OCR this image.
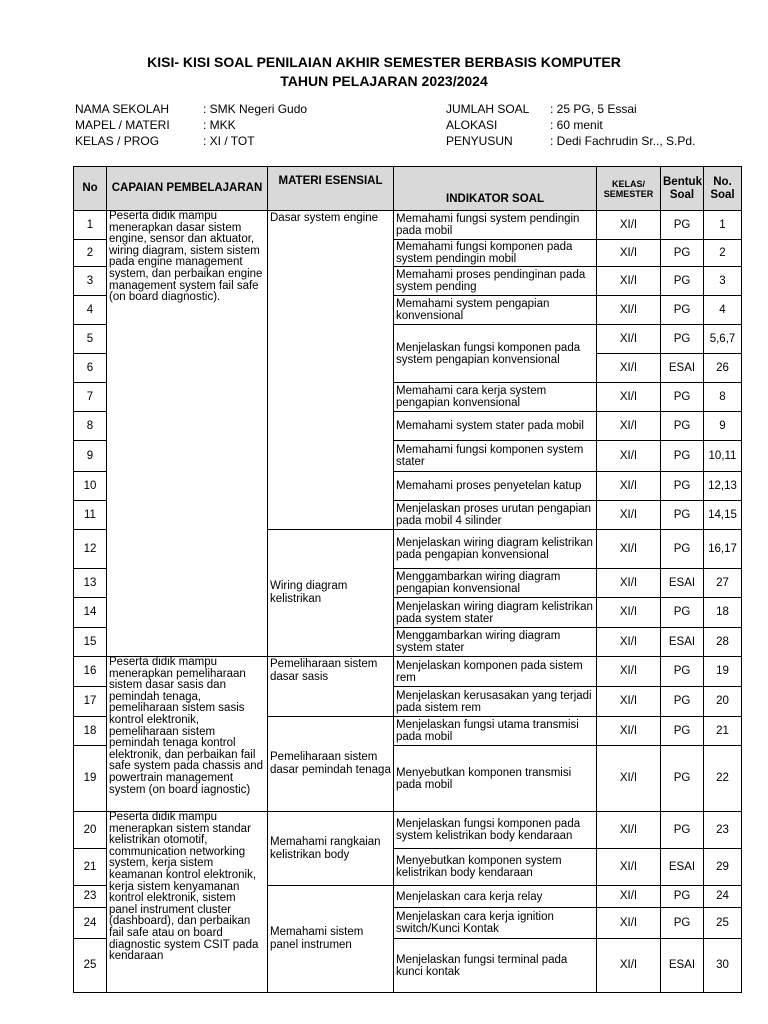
KISI- KISI SOAL PENILAIAN AKHIR SEMESTER BERBASIS KOMPUTER
TAHUN PELAJARAN 2023/2024
NAMA SEKOLAH	: SMK Negeri Gudo
MAPEL / MATERI	: MKK
KELAS / PROG	: XI / TOT
JUMLAH SOAL : 25 PG, 5 Essai
ALOKASI	: 60 menit
PENYUSUN	: Dedi Fachrudin Sr.., S.Pd.
No	CAPAIAN PEMBELAJARAN	MATERI ESENSIAL	INDIKATOR SOAL	KELAS/ SEMESTER	Bentuk Soal	No. Soal
1	Peserta didik mampu menerapkan dasar sistem engine, sensor dan aktuator, wiring diagram, sistem sistem pada engine management system, dan perbaikan engine management system fail safe (on board diagnostic).	Dasar system engine	Memahami fungsi system pendingin pada mobil	XI/I	PG	1
2			Memahami fungsi komponen pada system pendingin mobil	XI/I	PG	2
3			Memahami proses pendinginan pada system pending	XI/I	PG	3
4			Memahami system pengapian konvensional	XI/I	PG	4
5			Menjelaskan fungsi komponen pada system pengapian konvensional	XI/I	PG	5,6,7
6				XI/I	ESAI	26
7			Memahami cara kerja system pengapian konvensional	XI/I	PG	8
8			Memahami system stater pada mobil	XI/I	PG	9
9			Memahami fungsi komponen system stater	XI/I	PG	10,11
10			Memahami proses penyetelan katup	XI/I	PG	12,13
11			Menjelaskan proses urutan pengapian pada mobil 4 silinder	XI/I	PG	14,15
12		Wiring diagram kelistrikan	Menjelaskan wiring diagram kelistrikan pada pengapian konvensional	XI/I	PG	16,17
13			Menggambarkan wiring diagram pengapian konvensional	XI/I	ESAI	27
14			Menjelaskan wiring diagram kelistrikan pada system stater	XI/I	PG	18
15			Menggambarkan wiring diagram system stater	XI/I	ESAI	28
16	Peserta didik mampu menerapkan pemeliharaan sistem dasar sasis dan pemindah tenaga, pemeliharaan sistem sasis kontrol elektronik, pemeliharaan sistem pemindah tenaga kontrol elektronik, dan perbaikan fail safe system pada chassis and powertrain management system (on board iagnostic)	Pemeliharaan sistem dasar sasis	Menjelaskan komponen pada sistem rem	XI/I	PG	19
17			Menjelaskan kerusasakan yang terjadi pada sistem rem	XI/I	PG	20
18		Pemeliharaan sistem dasar pemindah tenaga	Menjelaskan fungsi utama transmisi pada mobil	XI/I	PG	21
19			Menyebutkan komponen transmisi pada mobil	XI/I	PG	22
20	Peserta didik mampu menerapkan sistem standar kelistrikan otomotif, communication networking system, kerja sistem keamanan kontrol elektronik, kerja sistem kenyamanan kontrol elektronik, sistem panel instrument cluster (dashboard), dan perbaikan fail safe atau on board diagnostic system CSIT pada kendaraan	Memahami rangkaian kelistrikan body	Menjelaskan fungsi komponen pada system kelistrikan body kendaraan	XI/I	PG	23
21			Menyebutkan komponen system kelistrikan body kendaraan	XI/I	ESAI	29
23		Memahami sistem panel instrumen	Menjelaskan cara kerja relay	XI/I	PG	24
24			Menjelaskan cara kerja ignition switch/Kunci Kontak	XI/I	PG	25
25			Menjelaskan fungsi terminal pada kunci kontak	XI/I	ESAI	30
